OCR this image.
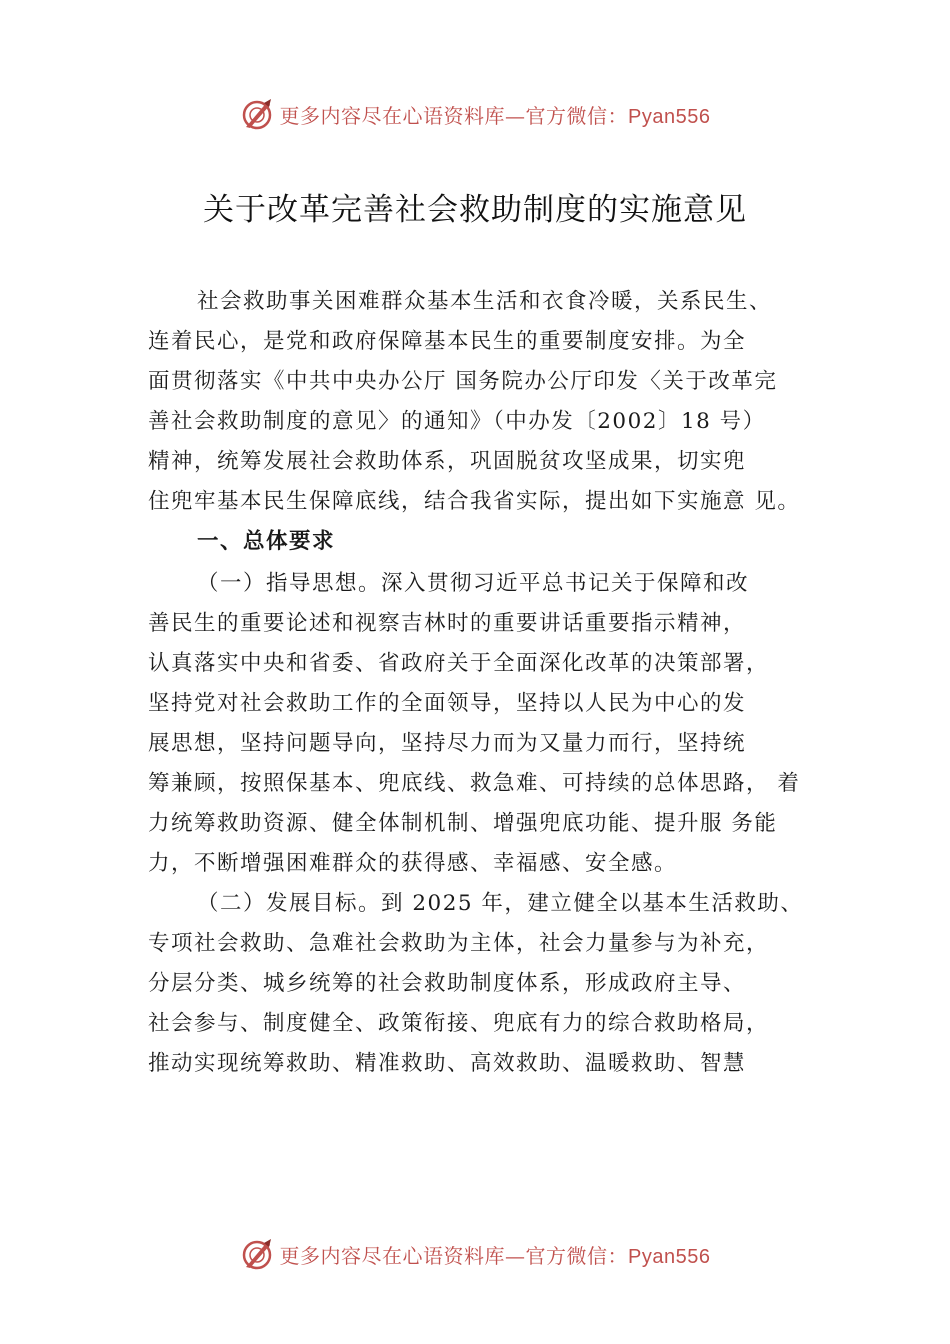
更多内容尽在心语资料库—官方微信：Pyan556
关于改革完善社会救助制度的实施意见
社会救助事关困难群众基本生活和衣食冷暖，关系民生、
连着民心，是党和政府保障基本民生的重要制度安排。为全
面贯彻落实《中共中央办公厅 国务院办公厅印发〈关于改革完
善社会救助制度的意见〉的通知》（中办发〔2002〕18 号）
精神，统筹发展社会救助体系，巩固脱贫攻坚成果，切实兜
住兜牢基本民生保障底线，结合我省实际，提出如下实施意 见。
一、总体要求
（一）指导思想。深入贯彻习近平总书记关于保障和改
善民生的重要论述和视察吉林时的重要讲话重要指示精神，
认真落实中央和省委、省政府关于全面深化改革的决策部署，
坚持党对社会救助工作的全面领导，坚持以人民为中心的发
展思想，坚持问题导向，坚持尽力而为又量力而行，坚持统
筹兼顾，按照保基本、兜底线、救急难、可持续的总体思路， 着
力统筹救助资源、健全体制机制、增强兜底功能、提升服 务能
力，不断增强困难群众的获得感、幸福感、安全感。
（二）发展目标。到 2025 年，建立健全以基本生活救助、
专项社会救助、急难社会救助为主体，社会力量参与为补充，
分层分类、城乡统筹的社会救助制度体系，形成政府主导、
社会参与、制度健全、政策衔接、兜底有力的综合救助格局，
推动实现统筹救助、精准救助、高效救助、温暖救助、智慧
更多内容尽在心语资料库—官方微信：Pyan556
